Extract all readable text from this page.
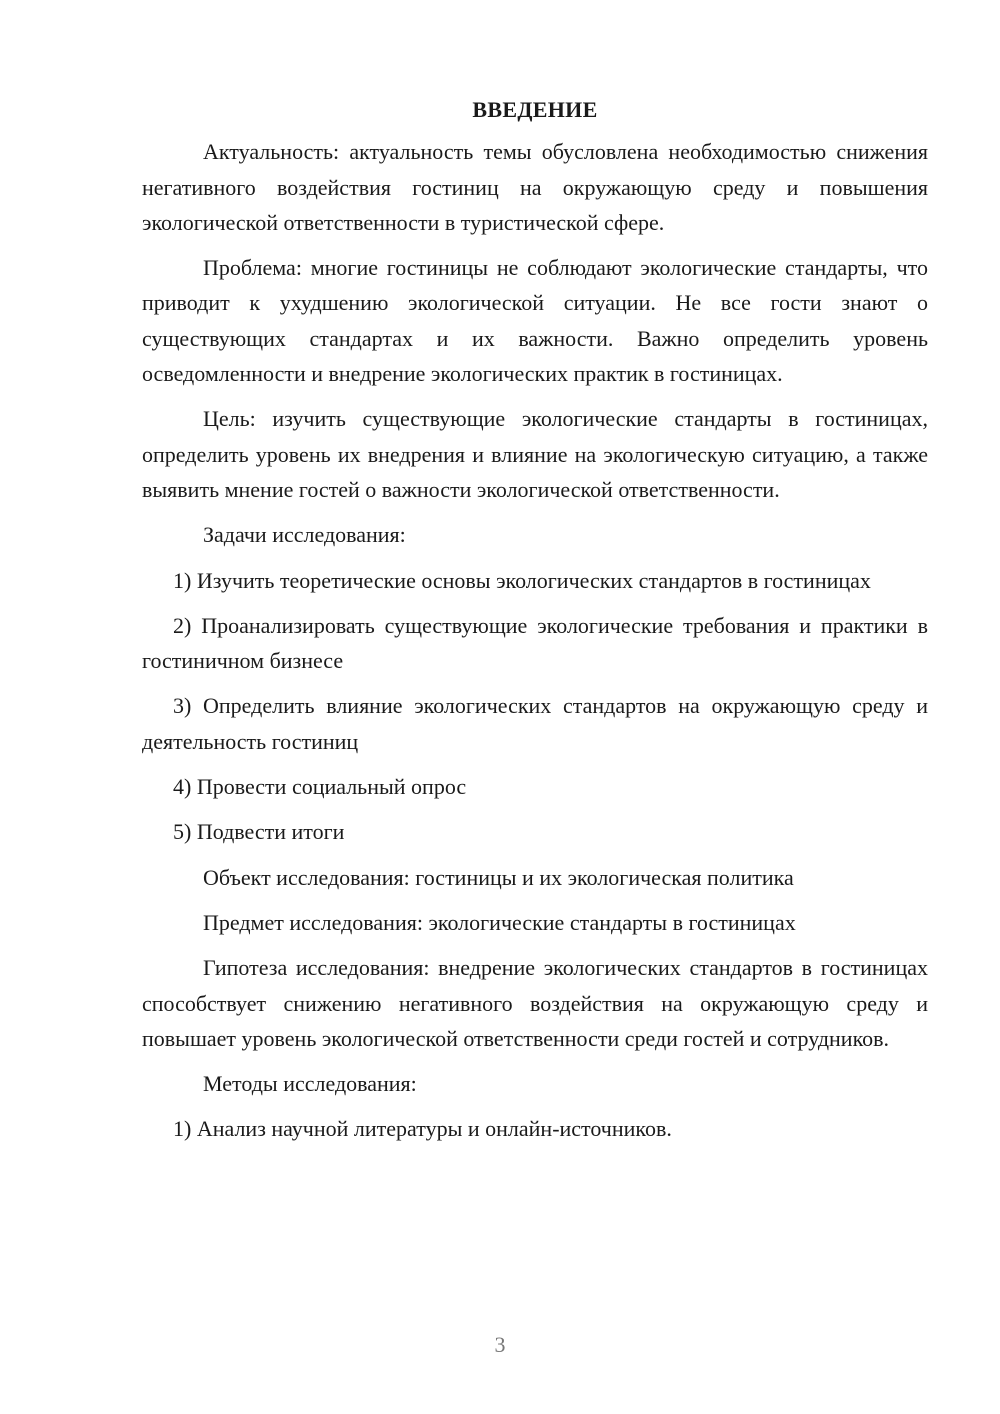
ВВЕДЕНИЕ

Актуальность: актуальность темы обусловлена необходимостью снижения негативного воздействия гостиниц на окружающую среду и повышения экологической ответственности в туристической сфере.

Проблема: многие гостиницы не соблюдают экологические стандарты, что приводит к ухудшению экологической ситуации. Не все гости знают о существующих стандартах и их важности. Важно определить уровень осведомленности и внедрение экологических практик в гостиницах.

Цель: изучить существующие экологические стандарты в гостиницах, определить уровень их внедрения и влияние на экологическую ситуацию, а также выявить мнение гостей о важности экологической ответственности.

Задачи исследования:

1) Изучить теоретические основы экологических стандартов в гостиницах

2) Проанализировать существующие экологические требования и практики в гостиничном бизнесе

3) Определить влияние экологических стандартов на окружающую среду и деятельность гостиниц

4) Провести социальный опрос

5) Подвести итоги

Объект исследования: гостиницы и их экологическая политика

Предмет исследования: экологические стандарты в гостиницах

Гипотеза исследования: внедрение экологических стандартов в гостиницах способствует снижению негативного воздействия на окружающую среду и повышает уровень экологической ответственности среди гостей и сотрудников.

Методы исследования:

1) Анализ научной литературы и онлайн-источников.

3
